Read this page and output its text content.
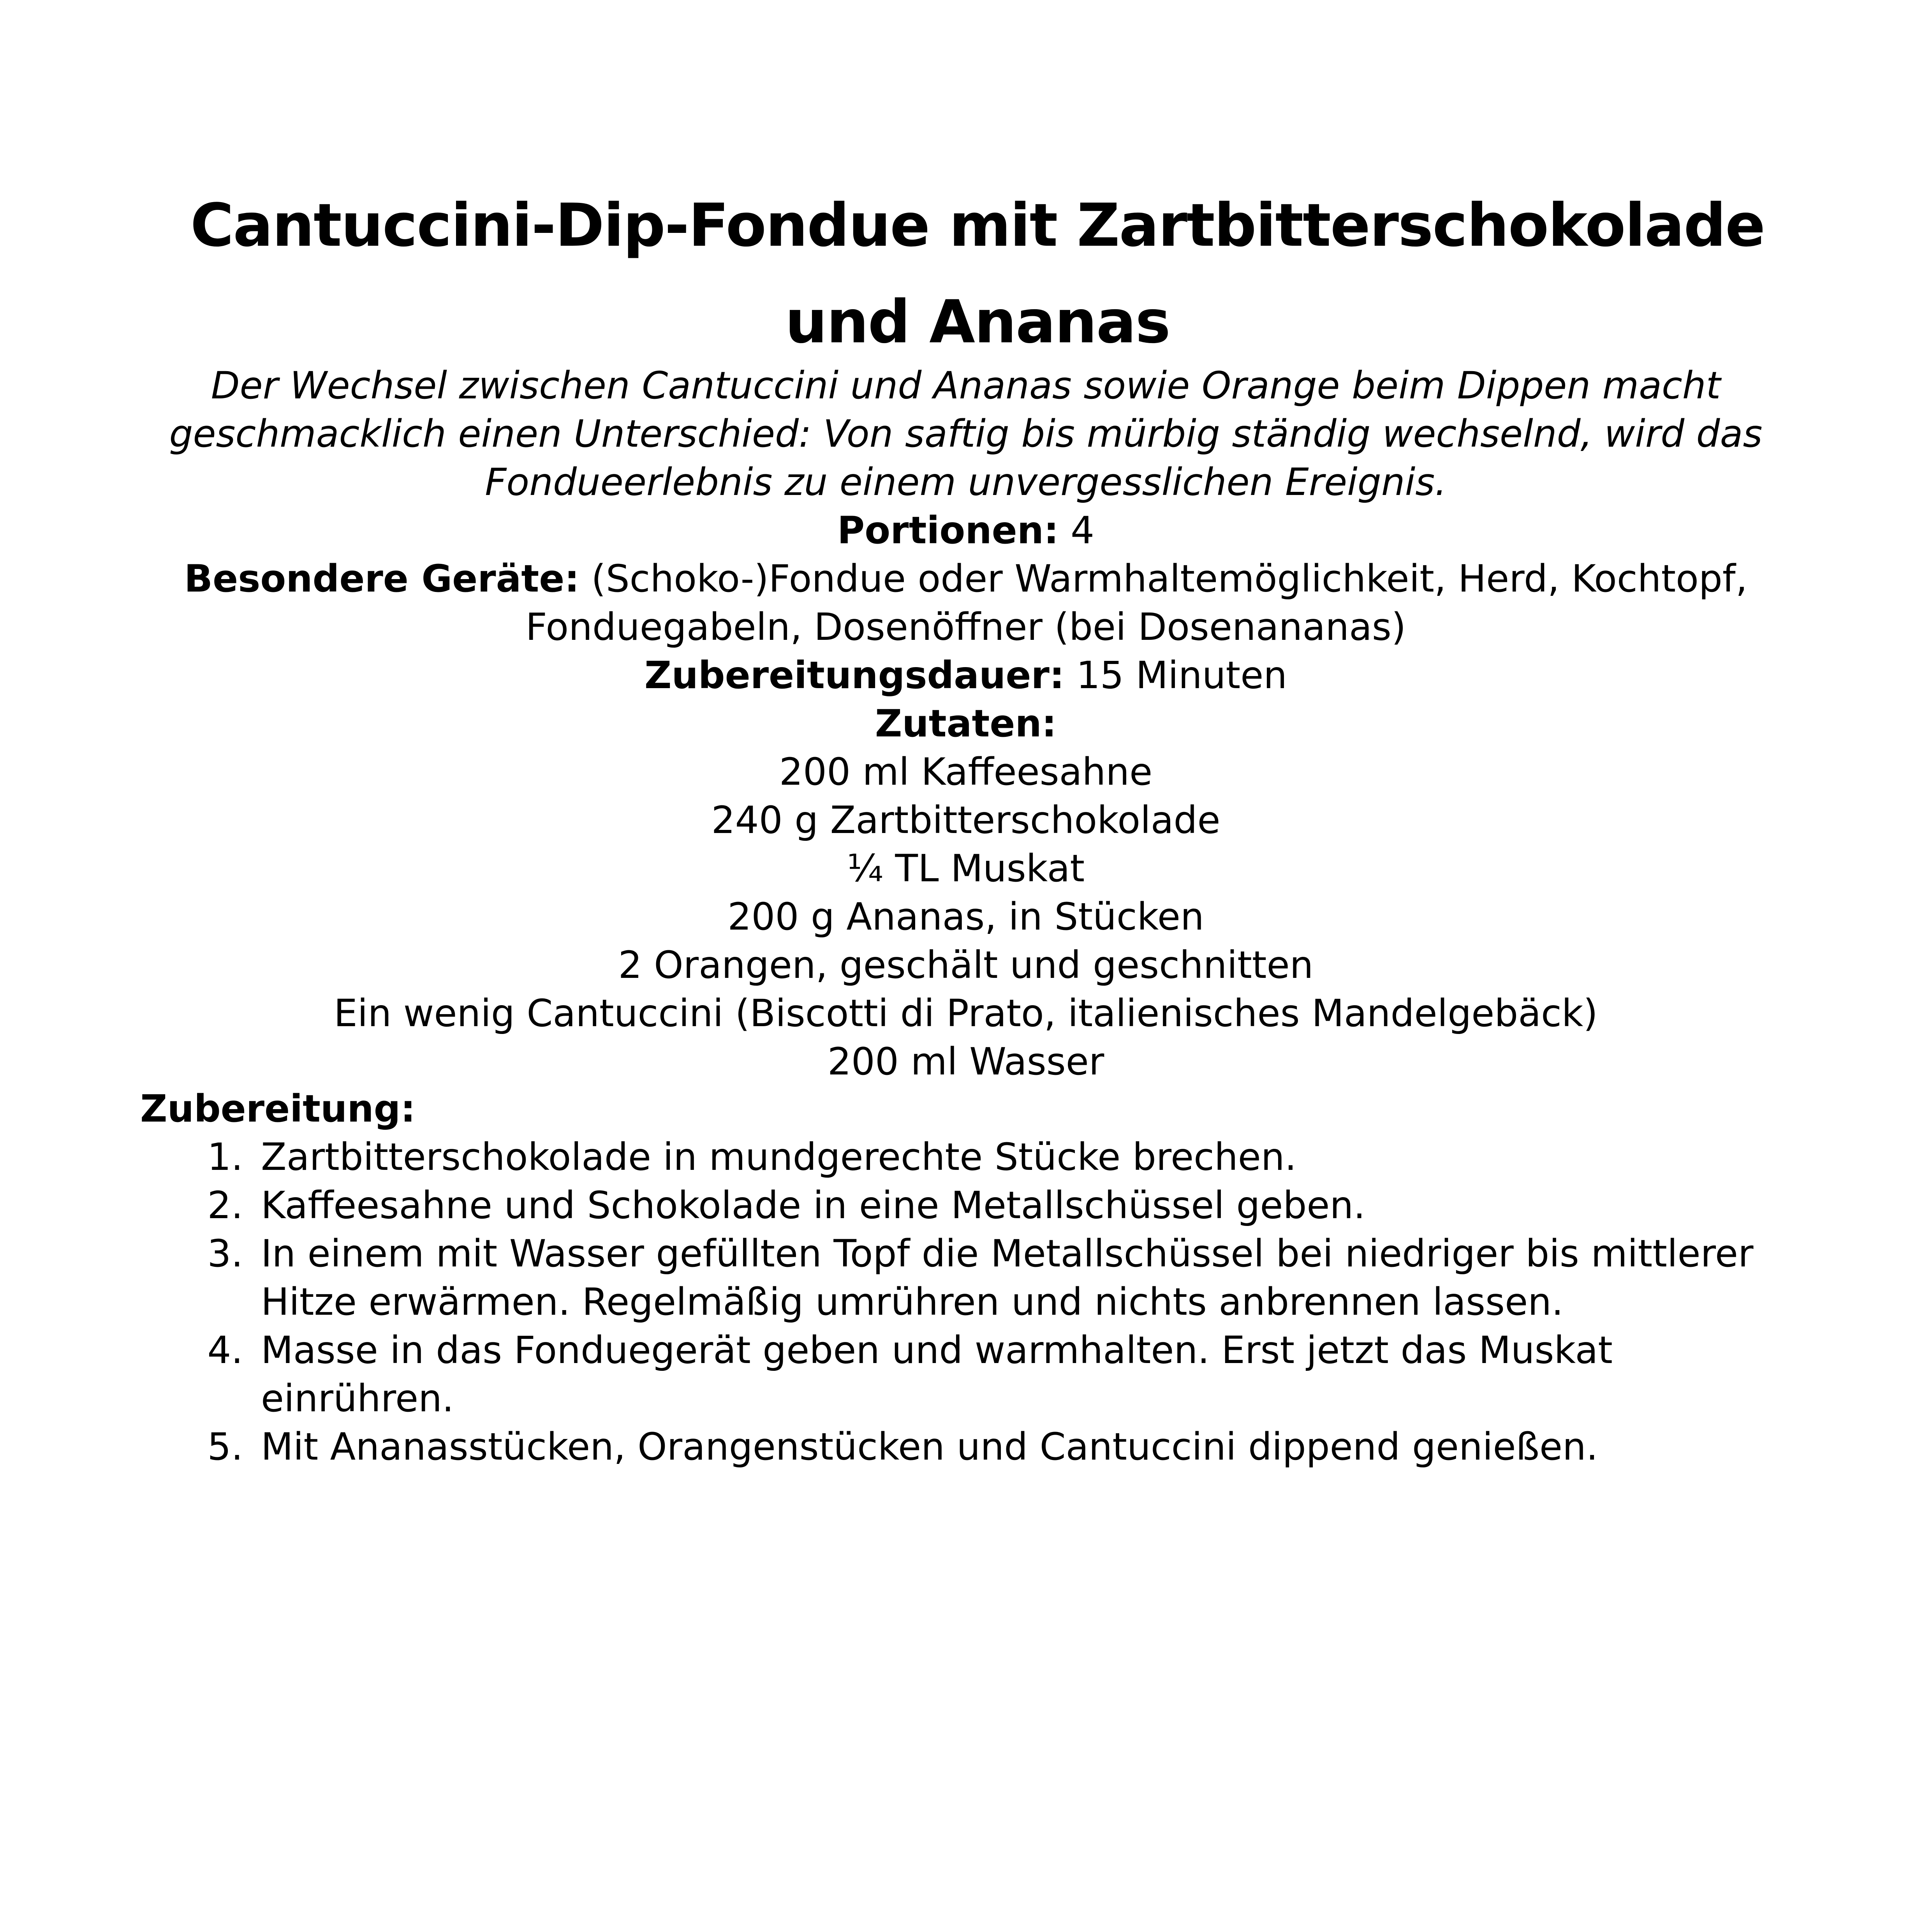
Cantuccini-Dip-Fondue mit Zartbitterschokolade und Ananas

Der Wechsel zwischen Cantuccini und Ananas sowie Orange beim Dippen macht geschmacklich einen Unterschied: Von saftig bis mürbig ständig wechselnd, wird das Fondueerlebnis zu einem unvergesslichen Ereignis.

Portionen: 4

Besondere Geräte: (Schoko-)Fondue oder Warmhaltemöglichkeit, Herd, Kochtopf, Fonduegabeln, Dosenöffner (bei Dosenananas)

Zubereitungsdauer: 15 Minuten

Zutaten:

200 ml Kaffeesahne
240 g Zartbitterschokolade
¼ TL Muskat
200 g Ananas, in Stücken
2 Orangen, geschält und geschnitten
Ein wenig Cantuccini (Biscotti di Prato, italienisches Mandelgebäck)
200 ml Wasser

Zubereitung:

1. Zartbitterschokolade in mundgerechte Stücke brechen.
2. Kaffeesahne und Schokolade in eine Metallschüssel geben.
3. In einem mit Wasser gefüllten Topf die Metallschüssel bei niedriger bis mittlerer Hitze erwärmen. Regelmäßig umrühren und nichts anbrennen lassen.
4. Masse in das Fonduegerät geben und warmhalten. Erst jetzt das Muskat einrühren.
5. Mit Ananasstücken, Orangenstücken und Cantuccini dippend genießen.
